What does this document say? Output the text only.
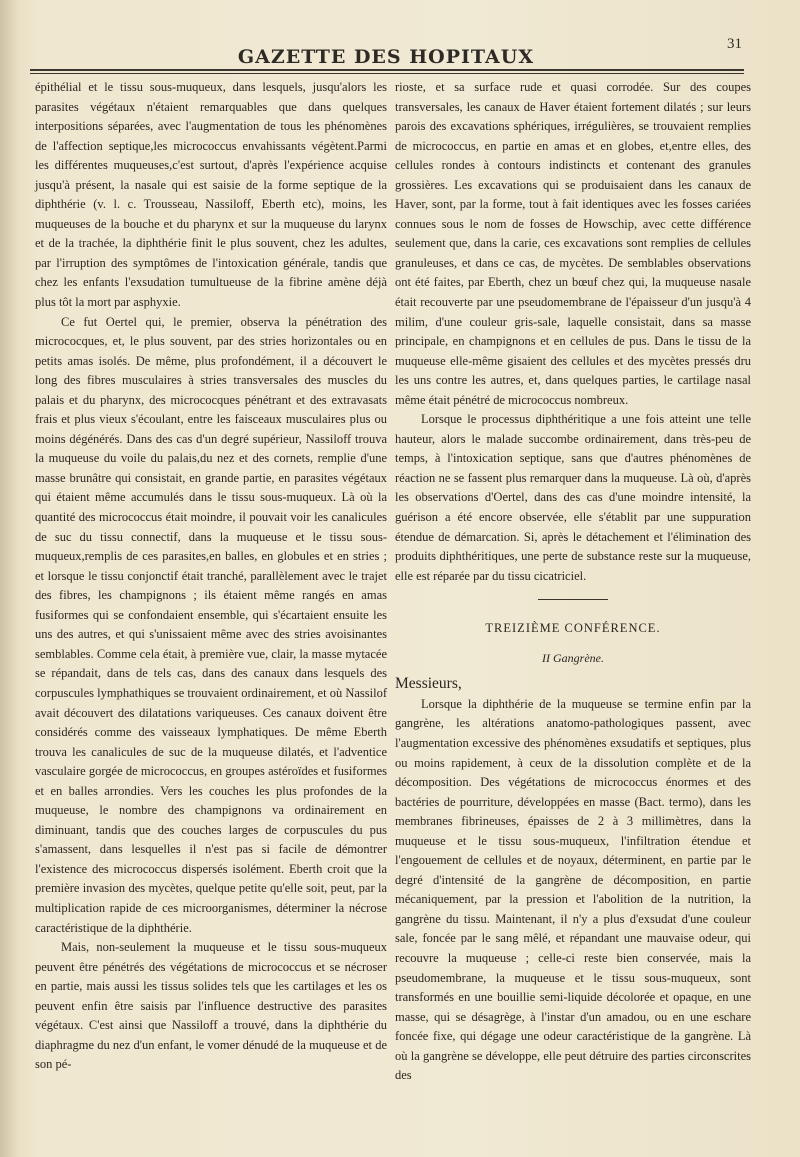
GAZETTE DES HOPITAUX
31

épithélial et le tissu sous-muqueux, dans lesquels, jusqu'alors les parasites végétaux n'étaient remarquables que dans quelques interpositions séparées, avec l'augmentation de tous les phénomènes de l'affection septique,les micrococcus envahissants végètent.Parmi les différentes muqueuses,c'est surtout, d'après l'expérience acquise jusqu'à présent, la nasale qui est saisie de la forme septique de la diphthérie (v. l. c. Trousseau, Nassiloff, Eberth etc), moins, les muqueuses de la bouche et du pharynx et sur la muqueuse du larynx et de la trachée, la diphthérie finit le plus souvent, chez les adultes, par l'irruption des symptômes de l'intoxication générale, tandis que chez les enfants l'exsudation tumultueuse de la fibrine amène déjà plus tôt la mort par asphyxie.

Ce fut Oertel qui, le premier, observa la pénétration des micrococques, et, le plus souvent, par des stries horizontales ou en petits amas isolés. De même, plus profondément, il a découvert le long des fibres musculaires à stries transversales des muscles du palais et du pharynx, des micrococques pénétrant et des extravasats frais et plus vieux s'écoulant, entre les faisceaux musculaires plus ou moins dégénérés. Dans des cas d'un degré supérieur, Nassiloff trouva la muqueuse du voile du palais,du nez et des cornets, remplie d'une masse brunâtre qui consistait, en grande partie, en parasites végétaux qui étaient même accumulés dans le tissu sous-muqueux. Là où la quantité des micrococcus était moindre, il pouvait voir les canalicules de suc du tissu connectif, dans la muqueuse et le tissu sous-muqueux,remplis de ces parasites,en balles, en globules et en stries ; et lorsque le tissu conjonctif était tranché, parallèlement avec le trajet des fibres, les champignons ; ils étaient même rangés en amas fusiformes qui se confondaient ensemble, qui s'écartaient ensuite les uns des autres, et qui s'unissaient même avec des stries avoisinantes semblables. Comme cela était, à première vue, clair, la masse mytacée se répandait, dans de tels cas, dans des canaux dans lesquels des corpuscules lymphathiques se trouvaient ordinairement, et où Nassilof avait découvert des dilatations variqueuses. Ces canaux doivent être considérés comme des vaisseaux lymphatiques. De même Eberth trouva les canalicules de suc de la muqueuse dilatés, et l'adventice vasculaire gorgée de micrococcus, en groupes astéroïdes et fusiformes et en balles arrondies. Vers les couches les plus profondes de la muqueuse, le nombre des champignons va ordinairement en diminuant, tandis que des couches larges de corpuscules du pus s'amassent, dans lesquelles il n'est pas si facile de démontrer l'existence des micrococcus dispersés isolément. Eberth croit que la première invasion des mycètes, quelque petite qu'elle soit, peut, par la multiplication rapide de ces microorganismes, déterminer la nécrose caractéristique de la diphthérie.

Mais, non-seulement la muqueuse et le tissu sous-muqueux peuvent être pénétrés des végétations de micrococcus et se nécroser en partie, mais aussi les tissus solides tels que les cartilages et les os peuvent enfin être saisis par l'influence destructive des parasites végétaux. C'est ainsi que Nassiloff a trouvé, dans la diphthérie du diaphragme du nez d'un enfant, le vomer dénudé de la muqueuse et de son pé-

rioste, et sa surface rude et quasi corrodée. Sur des coupes transversales, les canaux de Haver étaient fortement dilatés ; sur leurs parois des excavations sphériques, irrégulières, se trouvaient remplies de micrococcus, en partie en amas et en globes, et,entre elles, des cellules rondes à contours indistincts et contenant des granules grossières. Les excavations qui se produisaient dans les canaux de Haver, sont, par la forme, tout à fait identiques avec les fosses cariées connues sous le nom de fosses de Howschip, avec cette différence seulement que, dans la carie, ces excavations sont remplies de cellules granuleuses, et dans ce cas, de mycètes. De semblables observations ont été faites, par Eberth, chez un bœuf chez qui, la muqueuse nasale était recouverte par une pseudomembrane de l'épaisseur d'un jusqu'à 4 milim, d'une couleur gris-sale, laquelle consistait, dans sa masse principale, en champignons et en cellules de pus. Dans le tissu de la muqueuse elle-même gisaient des cellules et des mycètes pressés dru les uns contre les autres, et, dans quelques parties, le cartilage nasal même était pénétré de micrococcus nombreux.

Lorsque le processus diphthéritique a une fois atteint une telle hauteur, alors le malade succombe ordinairement, dans très-peu de temps, à l'intoxication septique, sans que d'autres phénomènes de réaction ne se fassent plus remarquer dans la muqueuse. Là où, d'après les observations d'Oertel, dans des cas d'une moindre intensité, la guérison a été encore observée, elle s'établit par une suppuration étendue de démarcation. Si, après le détachement et l'élimination des produits diphthéritiques, une perte de substance reste sur la muqueuse, elle est réparée par du tissu cicatriciel.

TREIZIÈME CONFÉRENCE.
II Gangrène.
Messieurs,

Lorsque la diphthérie de la muqueuse se termine enfin par la gangrène, les altérations anatomo-pathologiques passent, avec l'augmentation excessive des phénomènes exsudatifs et septiques, plus ou moins rapidement, à ceux de la dissolution complète et de la décomposition. Des végétations de micrococcus énormes et des bactéries de pourriture, développées en masse (Bact. termo), dans les membranes fibrineuses, épaisses de 2 à 3 millimètres, dans la muqueuse et le tissu sous-muqueux, l'infiltration étendue et l'engouement de cellules et de noyaux, déterminent, en partie par le degré d'intensité de la gangrène de décomposition, en partie mécaniquement, par la pression et l'abolition de la nutrition, la gangrène du tissu. Maintenant, il n'y a plus d'exsudat d'une couleur sale, foncée par le sang mêlé, et répandant une mauvaise odeur, qui recouvre la muqueuse ; celle-ci reste bien conservée, mais la pseudomembrane, la muqueuse et le tissu sous-muqueux, sont transformés en une bouillie semi-liquide décolorée et opaque, en une masse, qui se désagrège, à l'instar d'un amadou, ou en une eschare foncée fixe, qui dégage une odeur caractéristique de la gangrène. Là où la gangrène se développe, elle peut détruire des parties circonscrites des
